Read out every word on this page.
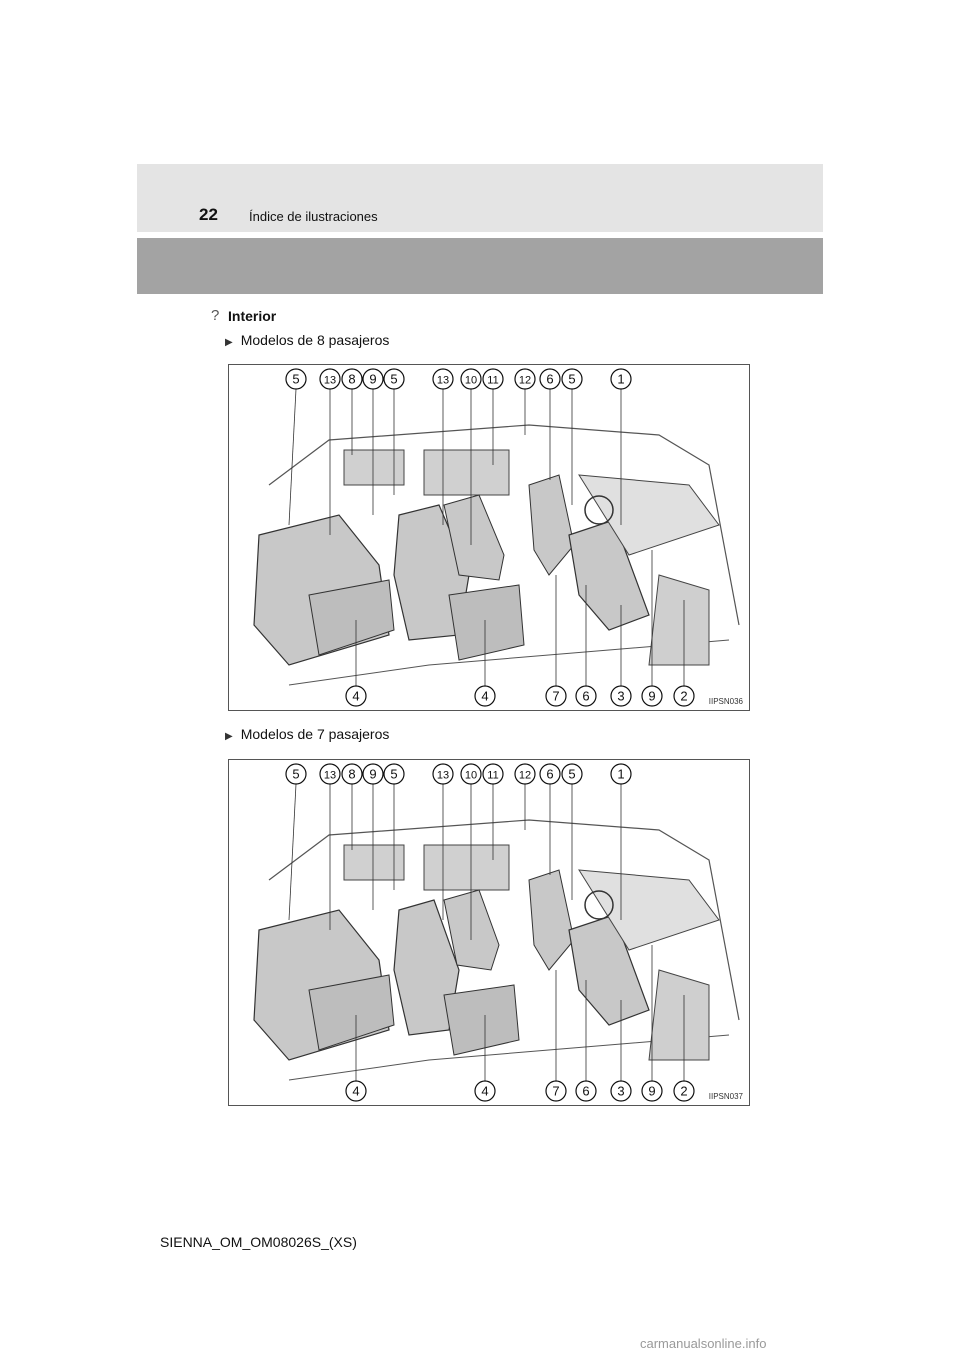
22 Índice de ilustraciones
? Interior
▶ Modelos de 8 pasajeros
5 13 8 9 5	13 10 11 12 6 5	1
4	4	7 6 3 9 2	IIPSN036
▶ Modelos de 7 pasajeros
5 13 8 9 5	13 10 11 12 6 5	1
4	4	7 6 3 9 2	IIPSN037
SIENNA_OM_OM08026S_(XS)
carmanualsonline.info
